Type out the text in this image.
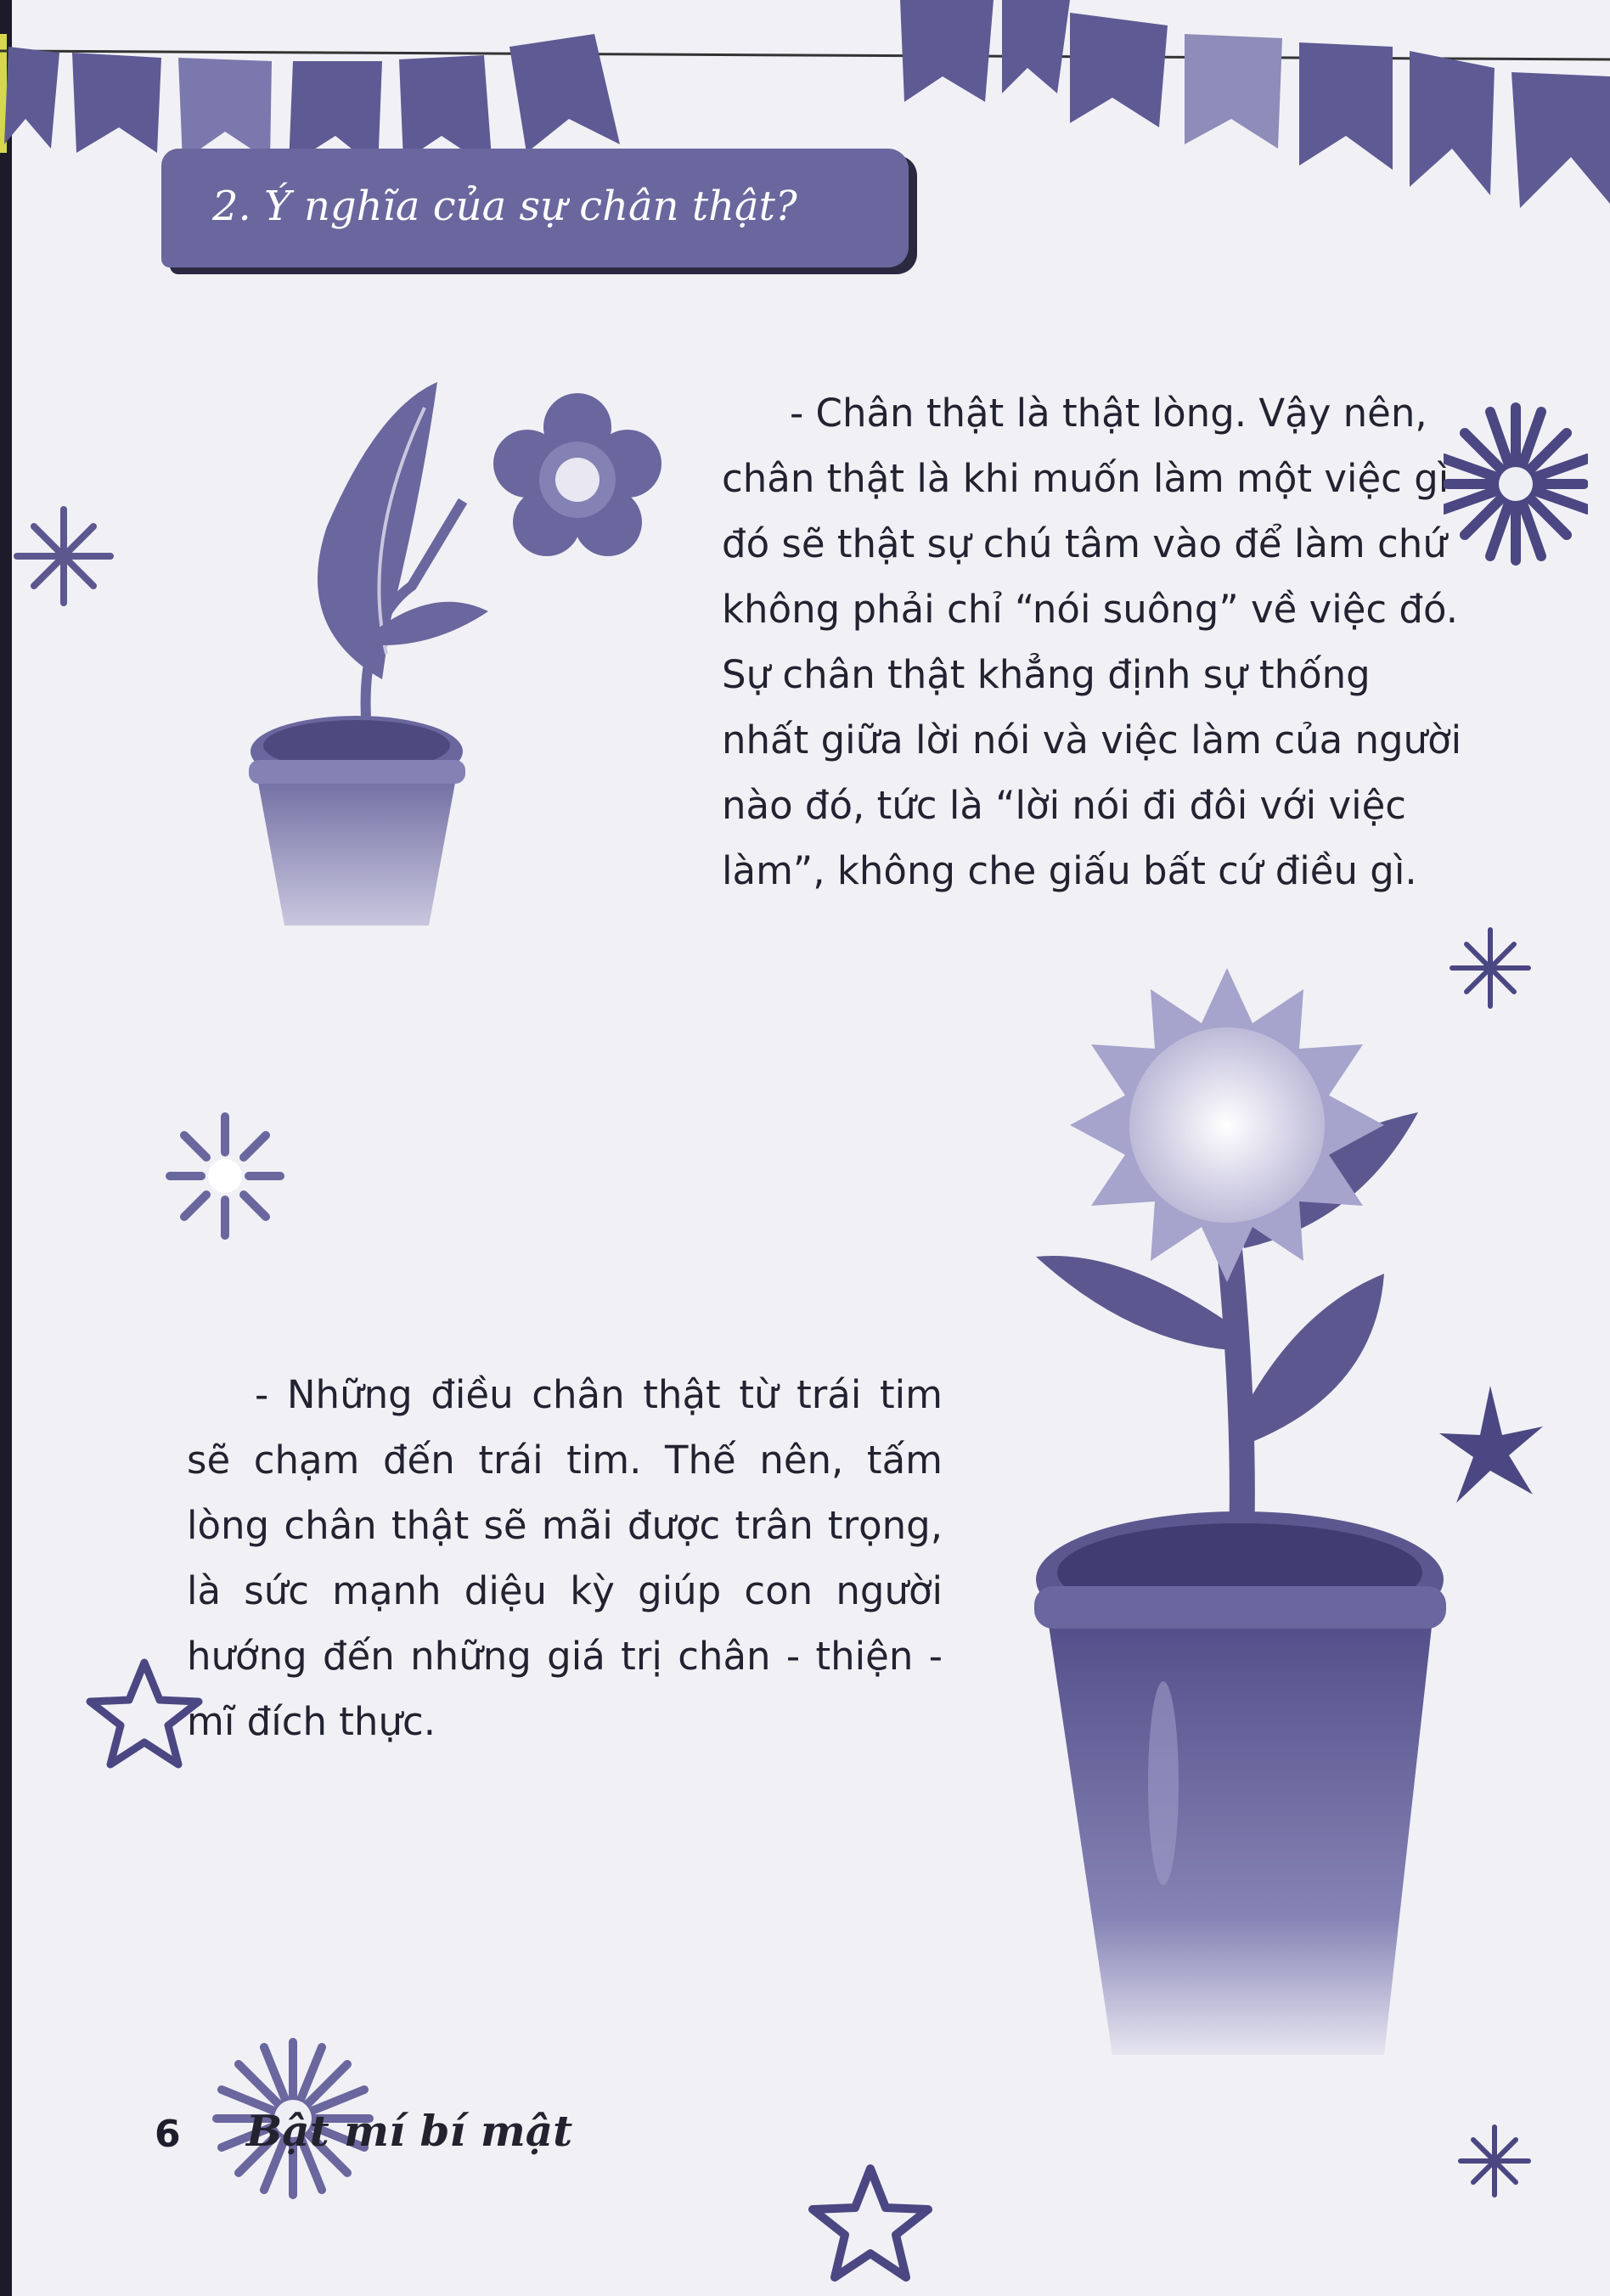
2. Ý nghĩa của sự chân thật?

- Chân thật là thật lòng. Vậy nên, chân thật là khi muốn làm một việc gì đó sẽ thật sự chú tâm vào để làm chứ không phải chỉ “nói suông” về việc đó. Sự chân thật khẳng định sự thống nhất giữa lời nói và việc làm của người nào đó, tức là “lời nói đi đôi với việc làm”, không che giấu bất cứ điều gì.

- Những điều chân thật từ trái tim sẽ chạm đến trái tim. Thế nên, tấm lòng chân thật sẽ mãi được trân trọng, là sức mạnh diệu kỳ giúp con người hướng đến những giá trị chân - thiện - mĩ đích thực.

6 Bật mí bí mật
